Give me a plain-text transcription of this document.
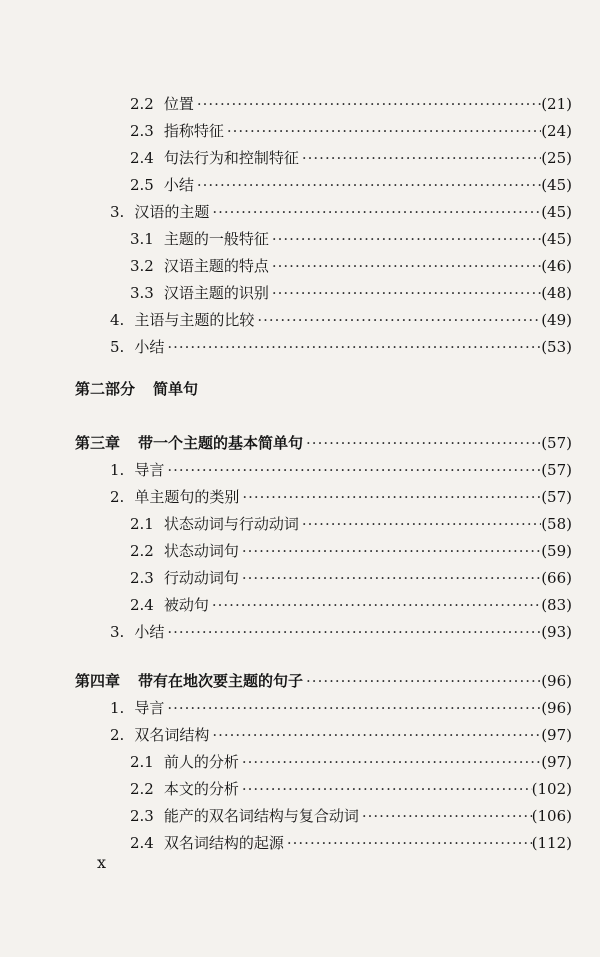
2.2 位置 ·····	(21)
2.3 指称特征 ·····	(24)
2.4 句法行为和控制特征 ·····	(25)
2.5 小结 ·····	(45)
3. 汉语的主题 ·····	(45)
3.1 主题的一般特征 ·····	(45)
3.2 汉语主题的特点 ·····	(46)
3.3 汉语主题的识别 ·····	(48)
4. 主语与主题的比较 ·····	(49)
5. 小结 ·····	(53)
第二部分 简单句
第三章	带一个主题的基本简单句 ·····	(57)
1. 导言 ·····	(57)
2. 单主题句的类别 ·····	(57)
2.1 状态动词与行动动词 ·····	(58)
2.2 状态动词句 ·····	(59)
2.3 行动动词句 ·····	(66)
2.4 被动句 ·····	(83)
3. 小结 ·····	(93)
第四章	带有在地次要主题的句子 ·····	(96)
1. 导言 ·····	(96)
2. 双名词结构 ·····	(97)
2.1 前人的分析 ·····	(97)
2.2 本文的分析 ·····	(102)
2.3 能产的双名词结构与复合动词 ·····	(106)
2.4 双名词结构的起源 ·····	(112)
x
